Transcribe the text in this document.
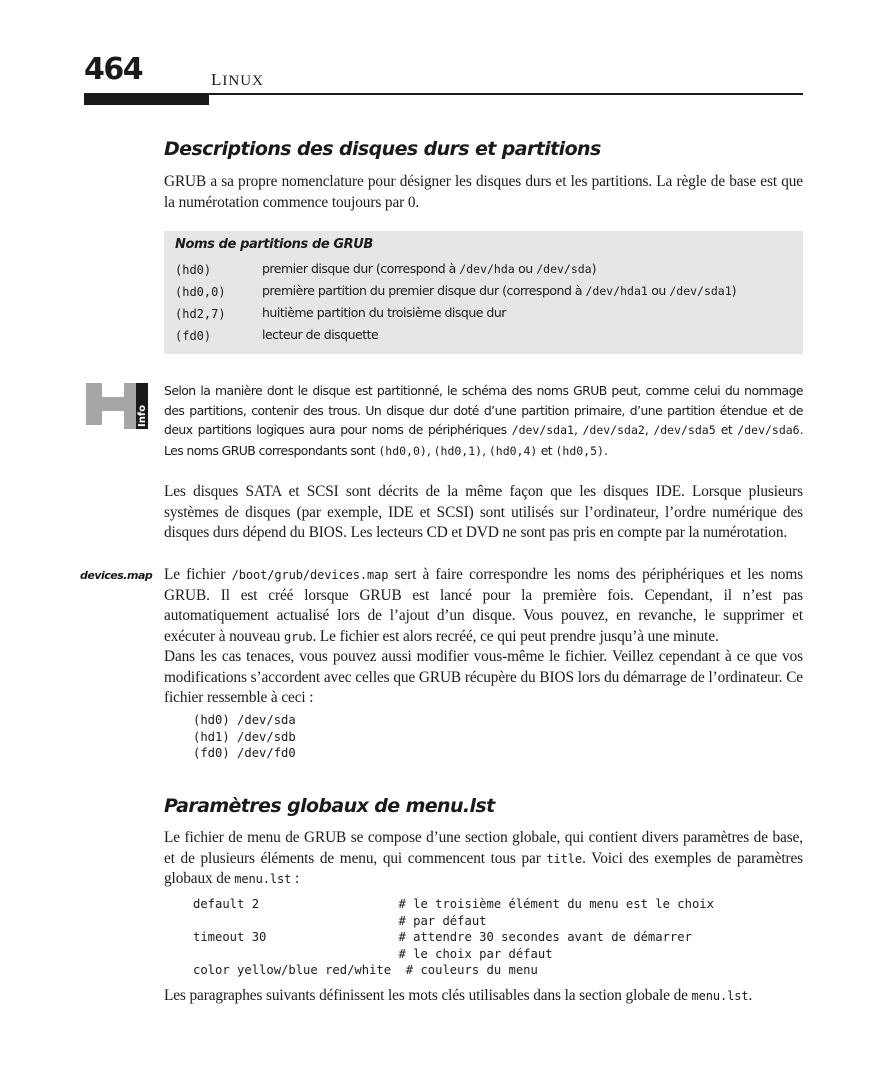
464	LINUX
Descriptions des disques durs et partitions

GRUB a sa propre nomenclature pour désigner les disques durs et les partitions. La règle de base est que la numérotation commence toujours par 0.

Noms de partitions de GRUB
(hd0)	premier disque dur (correspond à /dev/hda ou /dev/sda)
(hd0,0)	première partition du premier disque dur (correspond à /dev/hda1 ou /dev/sda1)
(hd2,7)	huitième partition du troisième disque dur
(fd0)	lecteur de disquette
Info
Selon la manière dont le disque est partitionné, le schéma des noms GRUB peut, comme celui du nommage des partitions, contenir des trous. Un disque dur doté d’une partition primaire, d’une partition étendue et de deux partitions logiques aura pour noms de périphériques /dev/sda1, /dev/sda2, /dev/sda5 et /dev/sda6. Les noms GRUB correspondants sont (hd0,0), (hd0,1), (hd0,4) et (hd0,5).

Les disques SATA et SCSI sont décrits de la même façon que les disques IDE. Lorsque plusieurs systèmes de disques (par exemple, IDE et SCSI) sont utilisés sur l’ordinateur, l’ordre numérique des disques durs dépend du BIOS. Les lecteurs CD et DVD ne sont pas pris en compte par la numérotation.

devices.map Le fichier /boot/grub/devices.map sert à faire correspondre les noms des périphériques et les noms GRUB. Il est créé lorsque GRUB est lancé pour la première fois. Cependant, il n’est pas automatiquement actualisé lors de l’ajout d’un disque. Vous pouvez, en revanche, le supprimer et exécuter à nouveau grub. Le fichier est alors recréé, ce qui peut prendre jusqu’à une minute.

Dans les cas tenaces, vous pouvez aussi modifier vous-même le fichier. Veillez cependant à ce que vos modifications s’accordent avec celles que GRUB récupère du BIOS lors du démarrage de l’ordinateur. Ce fichier ressemble à ceci :

(hd0) /dev/sda
(hd1) /dev/sdb
(fd0) /dev/fd0
Paramètres globaux de menu.lst

Le fichier de menu de GRUB se compose d’une section globale, qui contient divers paramètres de base, et de plusieurs éléments de menu, qui commencent tous par title. Voici des exemples de paramètres globaux de menu.lst :

default 2                   # le troisième élément du menu est le choix
# par défaut
timeout 30                  # attendre 30 secondes avant de démarrer
# le choix par défaut
color yellow/blue red/white  # couleurs du menu

Les paragraphes suivants définissent les mots clés utilisables dans la section globale de menu.lst.
